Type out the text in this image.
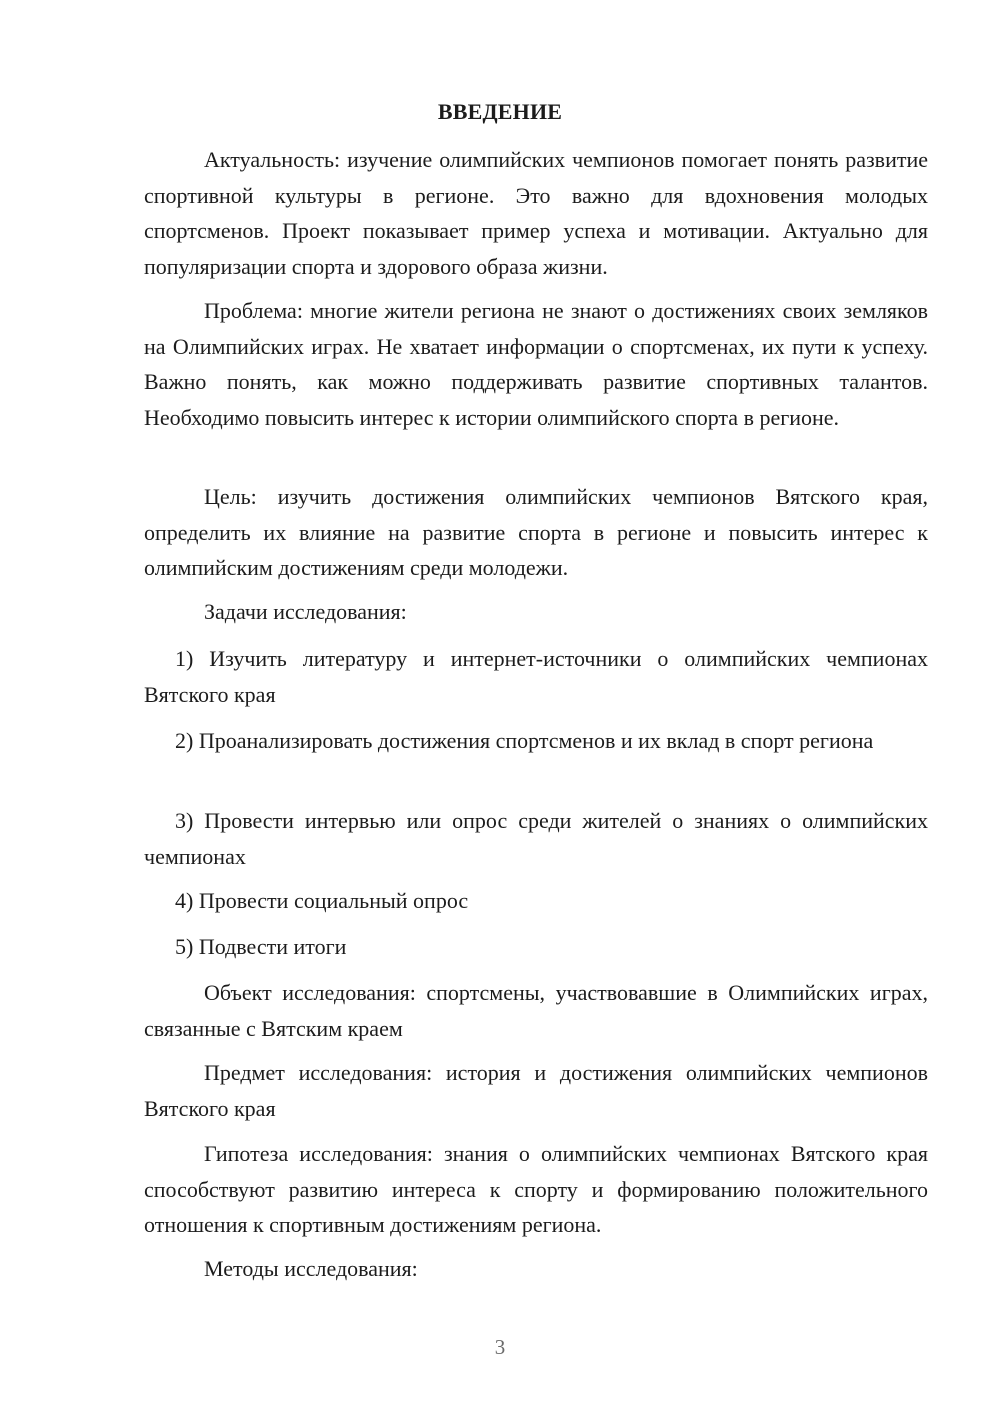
ВВЕДЕНИЕ

Актуальность: изучение олимпийских чемпионов помогает понять развитие спортивной культуры в регионе. Это важно для вдохновения молодых спортсменов. Проект показывает пример успеха и мотивации. Актуально для популяризации спорта и здорового образа жизни.

Проблема: многие жители региона не знают о достижениях своих земляков на Олимпийских играх. Не хватает информации о спортсменах, их пути к успеху. Важно понять, как можно поддерживать развитие спортивных талантов. Необходимо повысить интерес к истории олимпийского спорта в регионе.

Цель: изучить достижения олимпийских чемпионов Вятского края, определить их влияние на развитие спорта в регионе и повысить интерес к олимпийским достижениям среди молодежи.

Задачи исследования:

1) Изучить литературу и интернет-источники о олимпийских чемпионах Вятского края

2) Проанализировать достижения спортсменов и их вклад в спорт региона

3) Провести интервью или опрос среди жителей о знаниях о олимпийских чемпионах

4) Провести социальный опрос

5) Подвести итоги

Объект исследования: спортсмены, участвовавшие в Олимпийских играх, связанные с Вятским краем

Предмет исследования: история и достижения олимпийских чемпионов Вятского края

Гипотеза исследования: знания о олимпийских чемпионах Вятского края способствуют развитию интереса к спорту и формированию положительного отношения к спортивным достижениям региона.

Методы исследования:

3
